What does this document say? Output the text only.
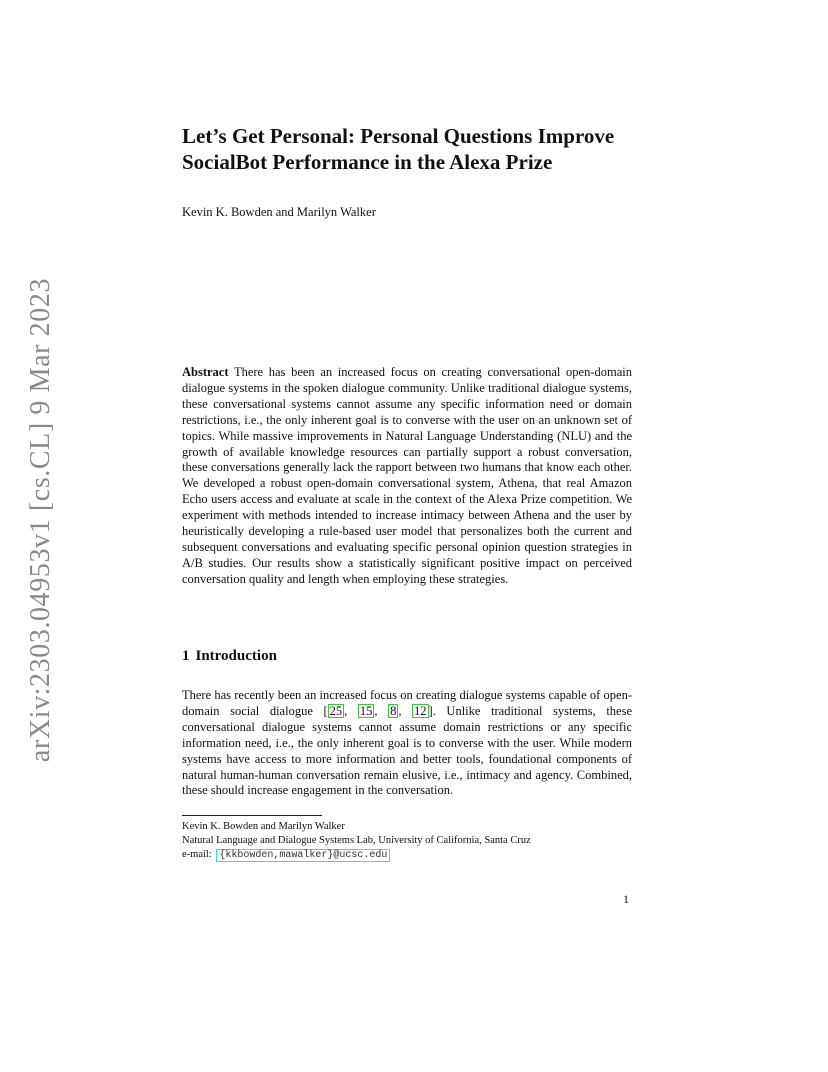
arXiv:2303.04953v1 [cs.CL] 9 Mar 2023
Let’s Get Personal: Personal Questions Improve
SocialBot Performance in the Alexa Prize
Kevin K. Bowden and Marilyn Walker

Abstract There has been an increased focus on creating conversational open-domain dialogue systems in the spoken dialogue community. Unlike traditional dialogue systems, these conversational systems cannot assume any specific information need or domain restrictions, i.e., the only inherent goal is to converse with the user on an unknown set of topics. While massive improvements in Natural Language Understanding (NLU) and the growth of available knowledge resources can partially support a robust conversation, these conversations generally lack the rapport between two humans that know each other. We developed a robust open-domain conversational system, Athena, that real Amazon Echo users access and evaluate at scale in the context of the Alexa Prize competition. We experiment with methods intended to increase intimacy between Athena and the user by heuristically developing a rule-based user model that personalizes both the current and subsequent conversations and evaluating specific personal opinion question strategies in A/B studies. Our results show a statistically significant positive impact on perceived conversation quality and length when employing these strategies.

1 Introduction

There has recently been an increased focus on creating dialogue systems capable of open-domain social dialogue [ 25 , 15 , 8 , 12 ]. Unlike traditional systems, these conversational dialogue systems cannot assume domain restrictions or any specific information need, i.e., the only inherent goal is to converse with the user. While modern systems have access to more information and better tools, foundational components of natural human-human conversation remain elusive, i.e., intimacy and agency. Combined, these should increase engagement in the conversation.

Kevin K. Bowden and Marilyn Walker
Natural Language and Dialogue Systems Lab, University of California, Santa Cruz
e-mail: {kkbowden,mawalker}@ucsc.edu
1
